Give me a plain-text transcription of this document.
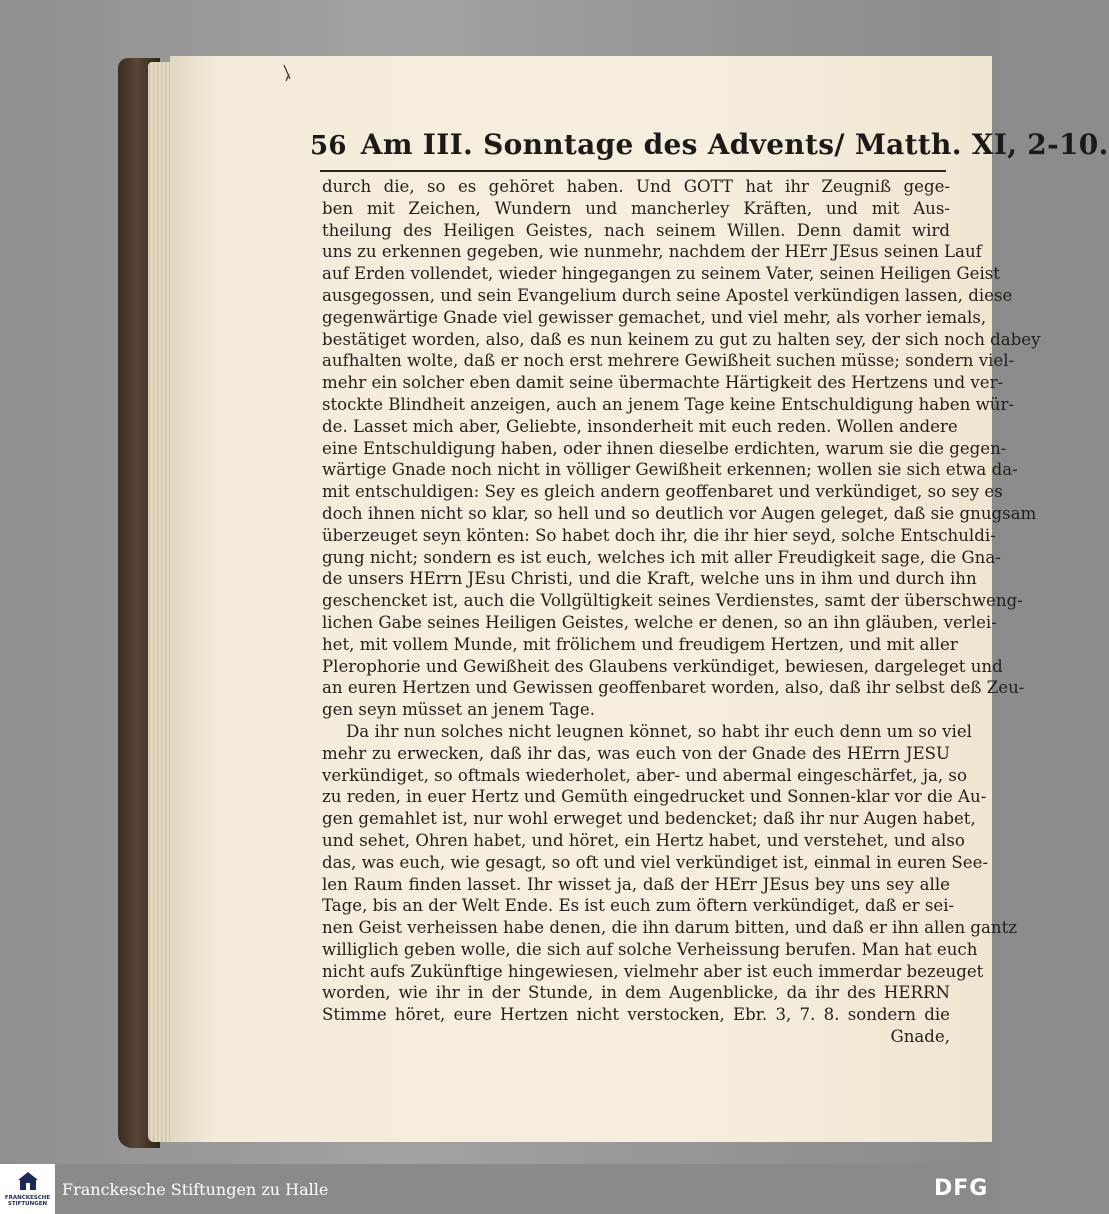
56 Am III. Sonntage des Advents/ Matth. XI, 2-10.
durch die, so es gehöret haben. Und GOTT hat ihr Zeugniß gege-
ben mit Zeichen, Wundern und mancherley Kräften, und mit Aus-
theilung des Heiligen Geistes, nach seinem Willen. Denn damit wird
uns zu erkennen gegeben, wie nunmehr, nachdem der HErr JEsus seinen Lauf
auf Erden vollendet, wieder hingegangen zu seinem Vater, seinen Heiligen Geist
ausgegossen, und sein Evangelium durch seine Apostel verkündigen lassen, diese
gegenwärtige Gnade viel gewisser gemachet, und viel mehr, als vorher iemals,
bestätiget worden, also, daß es nun keinem zu gut zu halten sey, der sich noch dabey
aufhalten wolte, daß er noch erst mehrere Gewißheit suchen müsse; sondern viel-
mehr ein solcher eben damit seine übermachte Härtigkeit des Hertzens und ver-
stockte Blindheit anzeigen, auch an jenem Tage keine Entschuldigung haben wür-
de. Lasset mich aber, Geliebte, insonderheit mit euch reden. Wollen andere
eine Entschuldigung haben, oder ihnen dieselbe erdichten, warum sie die gegen-
wärtige Gnade noch nicht in völliger Gewißheit erkennen; wollen sie sich etwa da-
mit entschuldigen: Sey es gleich andern geoffenbaret und verkündiget, so sey es
doch ihnen nicht so klar, so hell und so deutlich vor Augen geleget, daß sie gnugsam
überzeuget seyn könten: So habet doch ihr, die ihr hier seyd, solche Entschuldi-
gung nicht; sondern es ist euch, welches ich mit aller Freudigkeit sage, die Gna-
de unsers HErrn JEsu Christi, und die Kraft, welche uns in ihm und durch ihn
geschencket ist, auch die Vollgültigkeit seines Verdienstes, samt der überschweng-
lichen Gabe seines Heiligen Geistes, welche er denen, so an ihn gläuben, verlei-
het, mit vollem Munde, mit frölichem und freudigem Hertzen, und mit aller
Plerophorie und Gewißheit des Glaubens verkündiget, bewiesen, dargeleget und
an euren Hertzen und Gewissen geoffenbaret worden, also, daß ihr selbst deß Zeu-
gen seyn müsset an jenem Tage.
Da ihr nun solches nicht leugnen könnet, so habt ihr euch denn um so viel
mehr zu erwecken, daß ihr das, was euch von der Gnade des HErrn JESU
verkündiget, so oftmals wiederholet, aber- und abermal eingeschärfet, ja, so
zu reden, in euer Hertz und Gemüth eingedrucket und Sonnen-klar vor die Au-
gen gemahlet ist, nur wohl erweget und bedencket; daß ihr nur Augen habet,
und sehet, Ohren habet, und höret, ein Hertz habet, und verstehet, und also
das, was euch, wie gesagt, so oft und viel verkündiget ist, einmal in euren See-
len Raum finden lasset. Ihr wisset ja, daß der HErr JEsus bey uns sey alle
Tage, bis an der Welt Ende. Es ist euch zum öftern verkündiget, daß er sei-
nen Geist verheissen habe denen, die ihn darum bitten, und daß er ihn allen gantz
williglich geben wolle, die sich auf solche Verheissung berufen. Man hat euch
nicht aufs Zukünftige hingewiesen, vielmehr aber ist euch immerdar bezeuget
worden, wie ihr in der Stunde, in dem Augenblicke, da ihr des HERRN
Stimme höret, eure Hertzen nicht verstocken, Ebr. 3, 7. 8. sondern die
Gnade,
FRANCKESCHE STIFTUNGEN
Franckesche Stiftungen zu Halle	DFG
